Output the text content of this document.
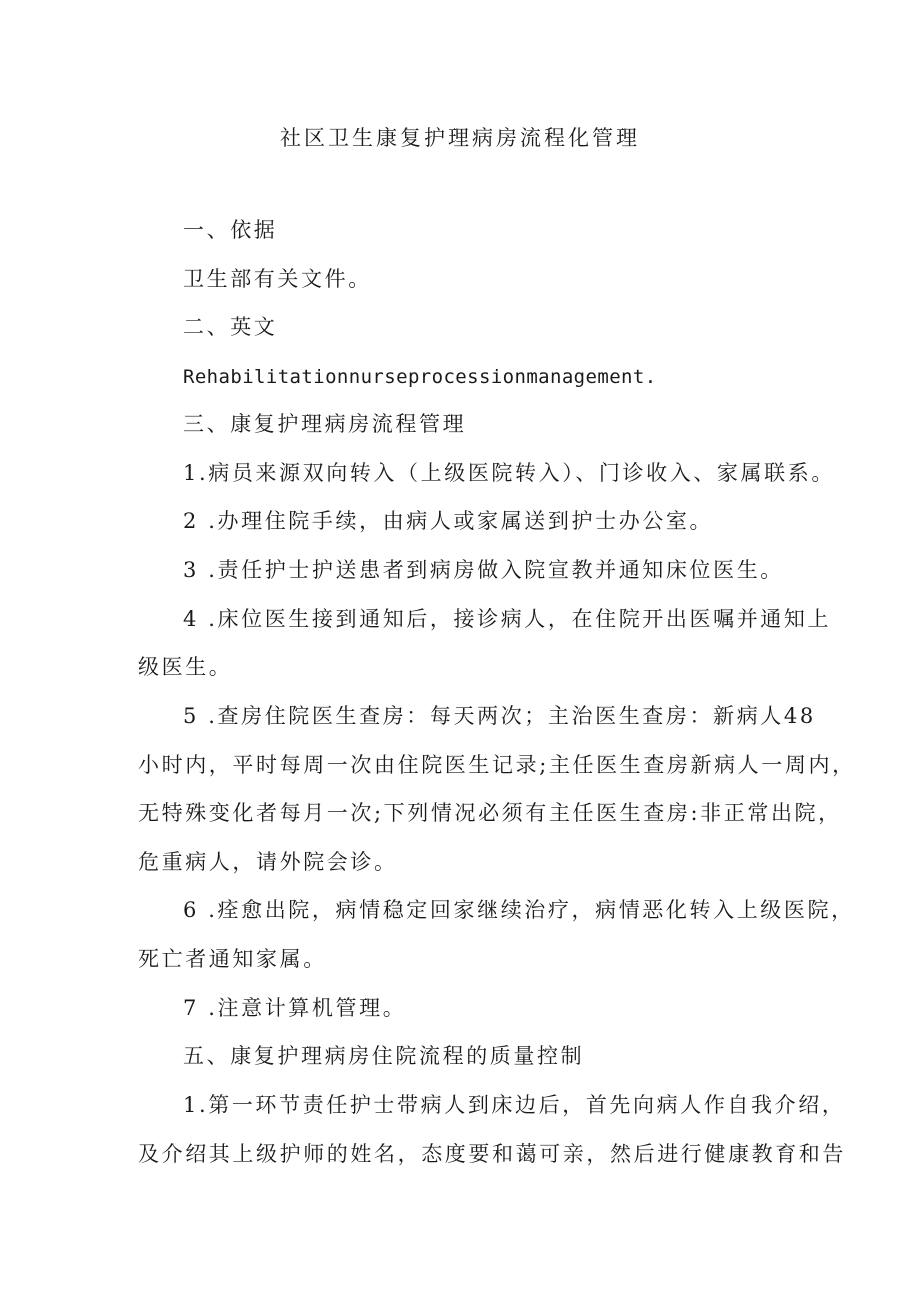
社区卫生康复护理病房流程化管理
一、依据
卫生部有关文件。
二、英文
Rehabilitationnurseprocessionmanagement.
三、康复护理病房流程管理
1.病员来源双向转入（上级医院转入）、门诊收入、家属联系。
2 .办理住院手续，由病人或家属送到护士办公室。
3 .责任护士护送患者到病房做入院宣教并通知床位医生。
4 .床位医生接到通知后，接诊病人，在住院开出医嘱并通知上
级医生。
5 .查房住院医生查房：每天两次；主治医生查房：新病人48
小时内，平时每周一次由住院医生记录;主任医生查房新病人一周内，
无特殊变化者每月一次;下列情况必须有主任医生查房:非正常出院，
危重病人，请外院会诊。
6 .痊愈出院，病情稳定回家继续治疗，病情恶化转入上级医院，
死亡者通知家属。
7 .注意计算机管理。
五、康复护理病房住院流程的质量控制
1.第一环节责任护士带病人到床边后，首先向病人作自我介绍，
及介绍其上级护师的姓名，态度要和蔼可亲，然后进行健康教育和告
